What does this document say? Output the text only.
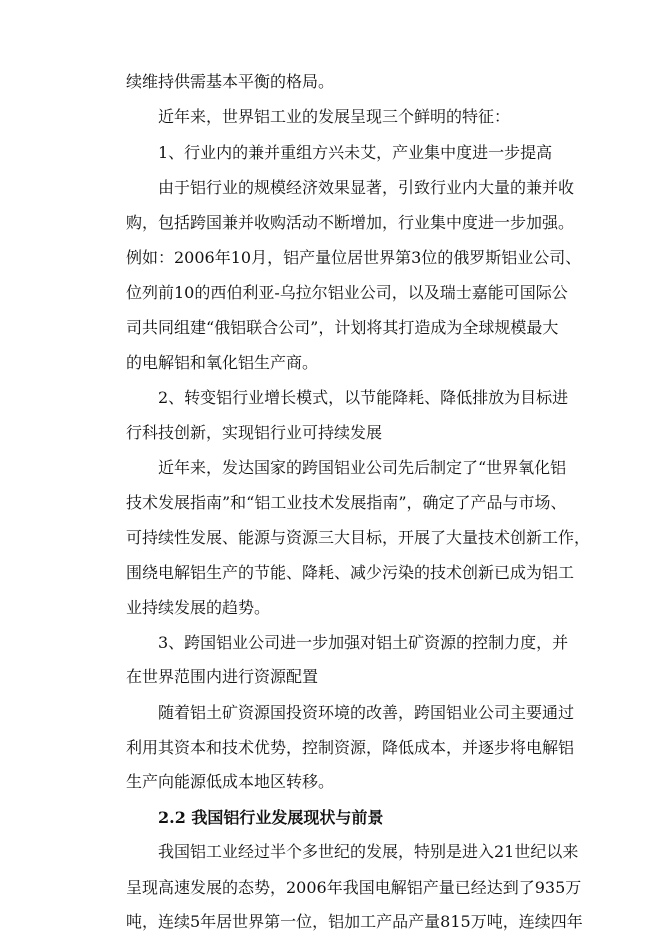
续维持供需基本平衡的格局。
近年来，世界铝工业的发展呈现三个鲜明的特征：
1、行业内的兼并重组方兴未艾，产业集中度进一步提高
由于铝行业的规模经济效果显著，引致行业内大量的兼并收
购，包括跨国兼并收购活动不断增加，行业集中度进一步加强。
例如：2006年10月，铝产量位居世界第3位的俄罗斯铝业公司、
位列前10的西伯利亚-乌拉尔铝业公司，以及瑞士嘉能可国际公
司共同组建“俄铝联合公司”，计划将其打造成为全球规模最大
的电解铝和氧化铝生产商。
2、转变铝行业增长模式，以节能降耗、降低排放为目标进
行科技创新，实现铝行业可持续发展
近年来，发达国家的跨国铝业公司先后制定了“世界氧化铝
技术发展指南”和“铝工业技术发展指南”，确定了产品与市场、
可持续性发展、能源与资源三大目标，开展了大量技术创新工作，
围绕电解铝生产的节能、降耗、减少污染的技术创新已成为铝工
业持续发展的趋势。
3、跨国铝业公司进一步加强对铝土矿资源的控制力度，并
在世界范围内进行资源配置
随着铝土矿资源国投资环境的改善，跨国铝业公司主要通过
利用其资本和技术优势，控制资源，降低成本，并逐步将电解铝
生产向能源低成本地区转移。
2.2 我国铝行业发展现状与前景
我国铝工业经过半个多世纪的发展，特别是进入21世纪以来
呈现高速发展的态势，2006年我国电解铝产量已经达到了935万
吨，连续5年居世界第一位，铝加工产品产量815万吨，连续四年
